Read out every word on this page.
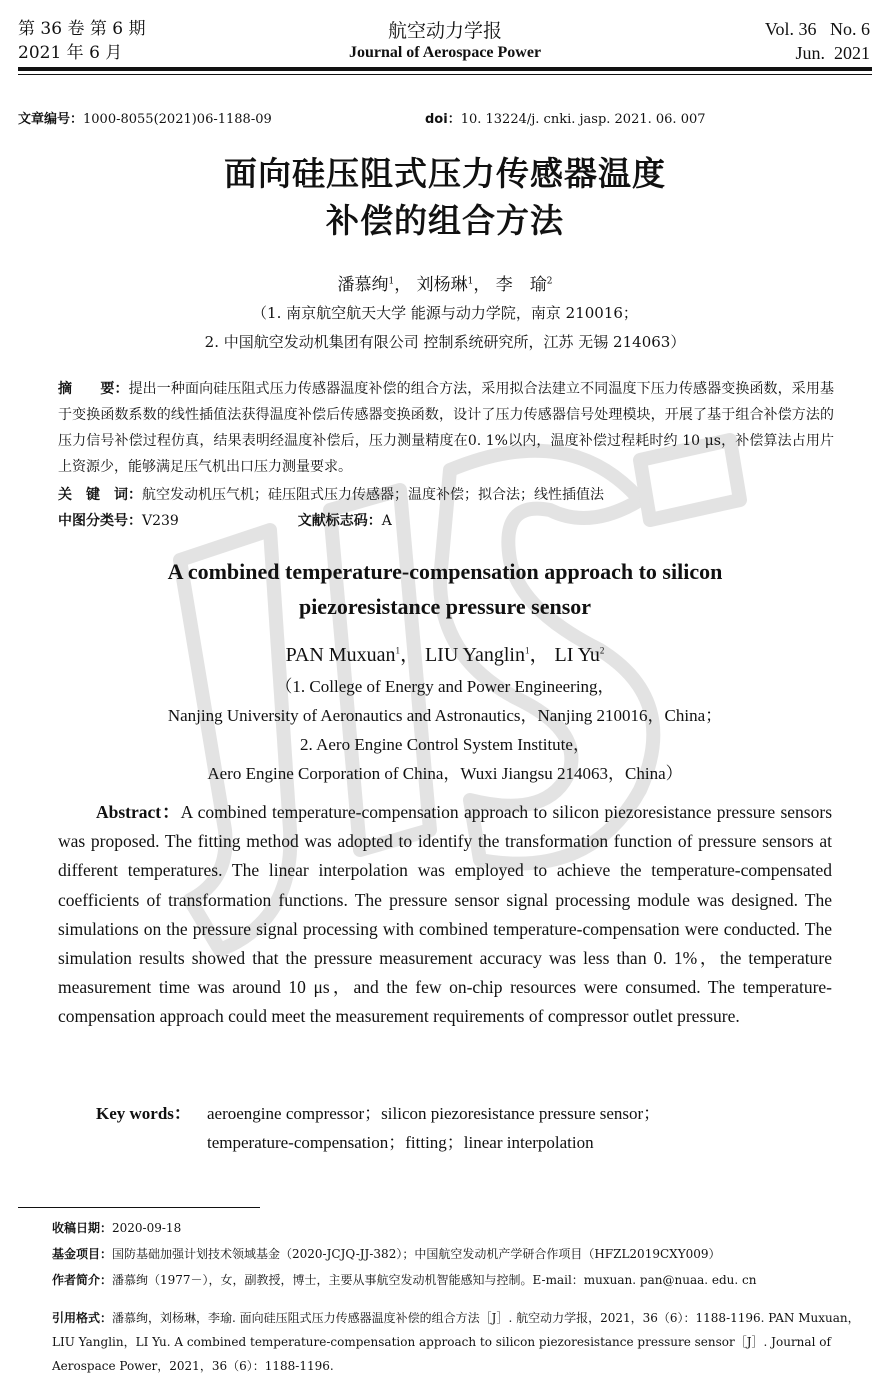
第 36 卷 第 6 期
2021 年 6 月
航空动力学报
Journal of Aerospace Power
Vol. 36   No. 6
Jun.  2021
文章编号：1000-8055(2021)06-1188-09	doi：10. 13224/j. cnki. jasp. 2021. 06. 007
面向硅压阻式压力传感器温度
补偿的组合方法
潘慕绚$^1$， 刘杨琳$^1$， 李　瑜$^2$
（1. 南京航空航天大学 能源与动力学院，南京 210016；
2. 中国航空发动机集团有限公司 控制系统研究所，江苏 无锡 214063）
摘　　要：提出一种面向硅压阻式压力传感器温度补偿的组合方法，采用拟合法建立不同温度下压力传感器变换函数，采用基于变换函数系数的线性插值法获得温度补偿后传感器变换函数，设计了压力传感器信号处理模块，开展了基于组合补偿方法的压力信号补偿过程仿真，结果表明经温度补偿后，压力测量精度在0. 1%以内，温度补偿过程耗时约 10 μs，补偿算法占用片上资源少，能够满足压气机出口压力测量要求。
关　键　词：航空发动机压气机；硅压阻式压力传感器；温度补偿；拟合法；线性插值法
中图分类号：V239	文献标志码：A
A combined temperature-compensation approach to silicon
piezoresistance pressure sensor
PAN Muxuan$^1$， LIU Yanglin$^1$， LI Yu$^2$
（1. College of Energy and Power Engineering，
Nanjing University of Aeronautics and Astronautics，Nanjing 210016，China；
2. Aero Engine Control System Institute，
Aero Engine Corporation of China，Wuxi Jiangsu 214063，China）
Abstract：A combined temperature-compensation approach to silicon piezoresistance pressure sensors was proposed. The fitting method was adopted to identify the transformation function of pressure sensors at different temperatures. The linear interpolation was employed to achieve the temperature-compensated coefficients of transformation functions. The pressure sensor signal processing module was designed. The simulations on the pressure signal processing with combined temperature-compensation were conducted. The simulation results showed that the pressure measurement accuracy was less than 0. 1%，the temperature measurement time was around 10 μs，and the few on-chip resources were consumed. The temperature-compensation approach could meet the measurement requirements of compressor outlet pressure.
Key words： aeroengine compressor；silicon piezoresistance pressure sensor；
temperature-compensation；fitting；linear interpolation
收稿日期：2020-09-18
基金项目：国防基础加强计划技术领域基金（2020-JCJQ-JJ-382）；中国航空发动机产学研合作项目（HFZL2019CXY009）
作者简介：潘慕绚（1977－），女，副教授，博士，主要从事航空发动机智能感知与控制。E-mail：muxuan. pan@nuaa. edu. cn
引用格式：潘慕绚，刘杨琳，李瑜. 面向硅压阻式压力传感器温度补偿的组合方法［J］. 航空动力学报，2021，36（6）：1188-1196. PAN Muxuan，LIU Yanglin，LI Yu. A combined temperature-compensation approach to silicon piezoresistance pressure sensor［J］. Journal of Aerospace Power，2021，36（6）：1188-1196.
